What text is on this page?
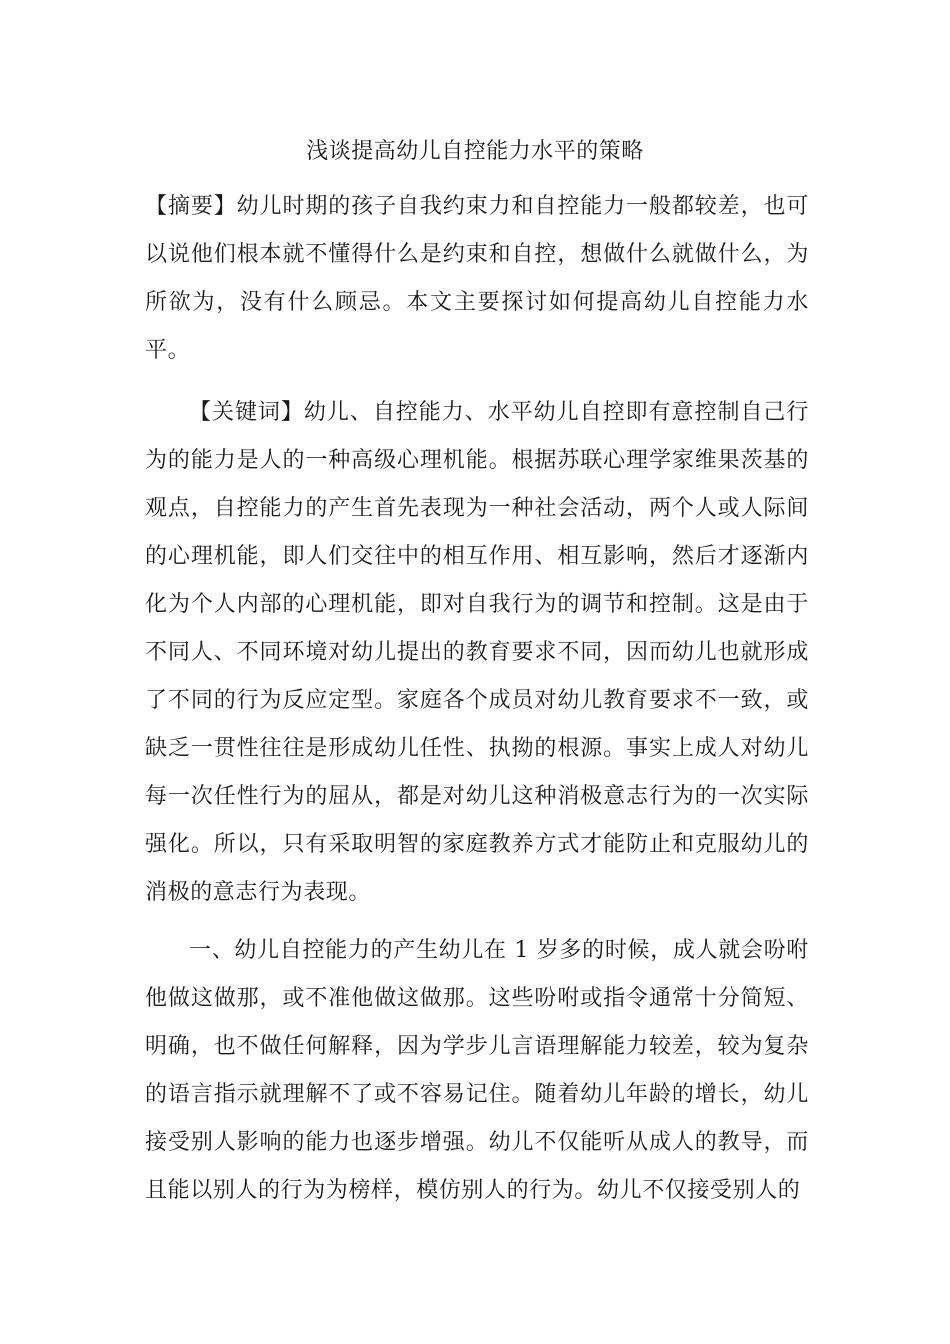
浅谈提高幼儿自控能力水平的策略

【摘要】幼儿时期的孩子自我约束力和自控能力一般都较差，也可以说他们根本就不懂得什么是约束和自控，想做什么就做什么，为所欲为，没有什么顾忌。本文主要探讨如何提高幼儿自控能力水平。

【关键词】幼儿、自控能力、水平幼儿自控即有意控制自己行为的能力是人的一种高级心理机能。根据苏联心理学家维果茨基的观点，自控能力的产生首先表现为一种社会活动，两个人或人际间的心理机能，即人们交往中的相互作用、相互影响，然后才逐渐内化为个人内部的心理机能，即对自我行为的调节和控制。这是由于不同人、不同环境对幼儿提出的教育要求不同，因而幼儿也就形成了不同的行为反应定型。家庭各个成员对幼儿教育要求不一致，或缺乏一贯性往往是形成幼儿任性、执拗的根源。事实上成人对幼儿每一次任性行为的屈从，都是对幼儿这种消极意志行为的一次实际强化。所以，只有采取明智的家庭教养方式才能防止和克服幼儿的消极的意志行为表现。

一、幼儿自控能力的产生幼儿在 1 岁多的时候，成人就会吩咐他做这做那，或不准他做这做那。这些吩咐或指令通常十分简短、明确，也不做任何解释，因为学步儿言语理解能力较差，较为复杂的语言指示就理解不了或不容易记住。随着幼儿年龄的增长，幼儿接受别人影响的能力也逐步增强。幼儿不仅能听从成人的教导，而且能以别人的行为为榜样，模仿别人的行为。幼儿不仅接受别人的
